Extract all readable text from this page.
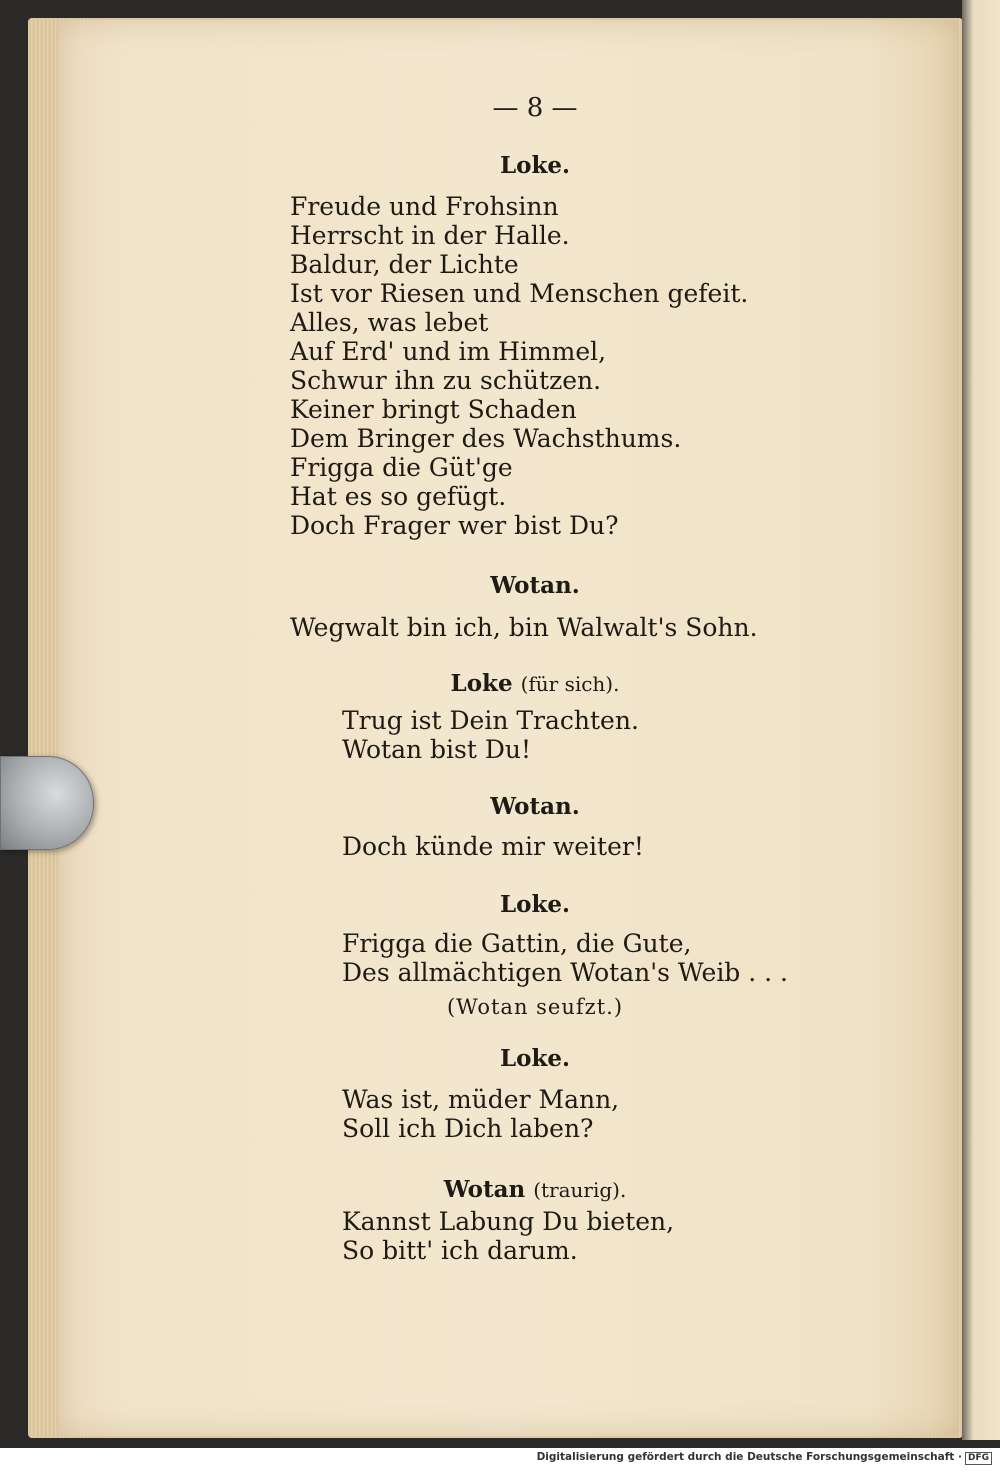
— 8 —
Loke.
Freude und Frohsinn
Herrscht in der Halle.
Baldur, der Lichte
Ist vor Riesen und Menschen gefeit.
Alles, was lebet
Auf Erd' und im Himmel,
Schwur ihn zu schützen.
Keiner bringt Schaden
Dem Bringer des Wachsthums.
Frigga die Güt'ge
Hat es so gefügt.
Doch Frager wer bist Du?
Wotan.
Wegwalt bin ich, bin Walwalt's Sohn.
Loke (für sich).
Trug ist Dein Trachten.
Wotan bist Du!
Wotan.
Doch künde mir weiter!
Loke.
Frigga die Gattin, die Gute,
Des allmächtigen Wotan's Weib . . .
(Wotan seufzt.)
Loke.
Was ist, müder Mann,
Soll ich Dich laben?
Wotan (traurig).
Kannst Labung Du bieten,
So bitt' ich darum.
Digitalisierung gefördert durch die Deutsche Forschungsgemeinschaft · DFG
